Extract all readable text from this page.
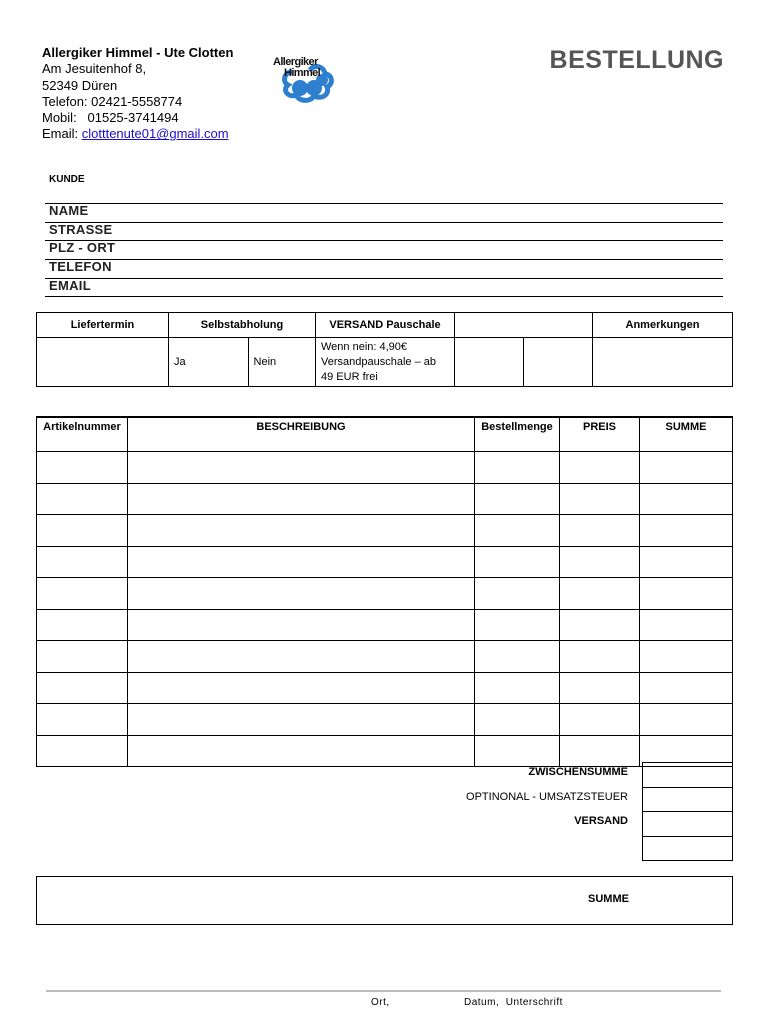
Allergiker Himmel - Ute Clotten
Am Jesuitenhof 8,
52349 Düren
Telefon: 02421-5558774
Mobil:   01525-3741494
Email: clotttenute01@gmail.com
Allergiker
Himmel	BESTELLUNG
KUNDE
NAME
STRASSE
PLZ - ORT
TELEFON
EMAIL
Liefertermin	Selbstabholung		VERSAND Pauschale			Anmerkungen
	Ja	Nein	Wenn nein: 4,90€ Versandpauschale – ab 49 EUR frei			
Artikelnummer	BESCHREIBUNG	Bestellmenge	PREIS	SUMME

ZWISCHENSUMME
OPTINONAL - UMSATZSTEUER
VERSAND

SUMME
Ort,	Datum,  Unterschrift
